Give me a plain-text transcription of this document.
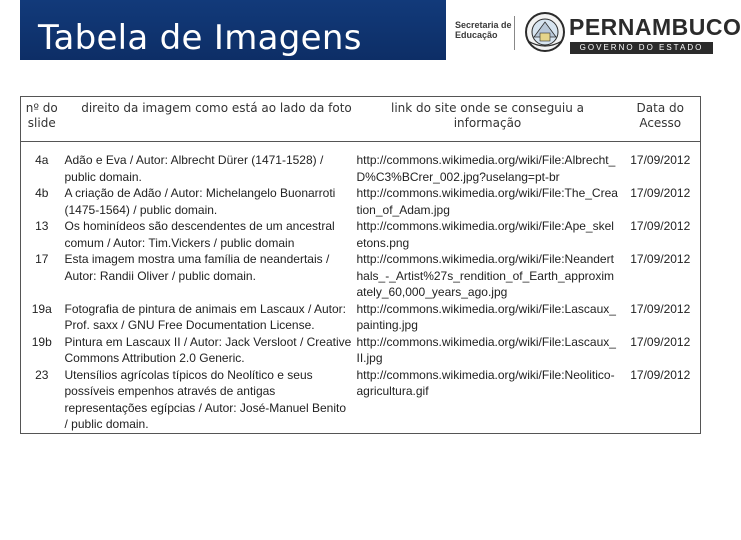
Tabela de Imagens	Secretaria de
Educação	PERNAMBUCO
GOVERNO DO ESTADO
nº do slide	direito da imagem como está ao lado da foto	link do site onde se conseguiu a informação	Data do Acesso
4a	Adão e Eva / Autor: Albrecht Dürer (1471-1528) / public domain.	http://commons.wikimedia.org/wiki/File:Albrecht_D%C3%BCrer_002.jpg?uselang=pt-br	17/09/2012
4b	A criação de Adão / Autor: Michelangelo Buonarroti (1475-1564) / public domain.	http://commons.wikimedia.org/wiki/File:The_Creation_of_Adam.jpg	17/09/2012
13	Os hominídeos são descendentes de um ancestral comum / Autor: Tim.Vickers / public domain	http://commons.wikimedia.org/wiki/File:Ape_skeletons.png	17/09/2012
17	Esta imagem mostra uma família de neandertais / Autor: Randii Oliver / public domain.	http://commons.wikimedia.org/wiki/File:Neanderthals_-_Artist%27s_rendition_of_Earth_approximately_60,000_years_ago.jpg	17/09/2012
19a	Fotografia de pintura de animais em Lascaux / Autor: Prof. saxx / GNU Free Documentation License.	http://commons.wikimedia.org/wiki/File:Lascaux_painting.jpg	17/09/2012
19b	Pintura em Lascaux II / Autor: Jack Versloot / Creative Commons Attribution 2.0 Generic.	http://commons.wikimedia.org/wiki/File:Lascaux_II.jpg	17/09/2012
23	Utensílios agrícolas típicos do Neolítico e seus possíveis empenhos através de antigas representações egípcias / Autor: José-Manuel Benito / public domain.	http://commons.wikimedia.org/wiki/File:Neolitico-agricultura.gif	17/09/2012
